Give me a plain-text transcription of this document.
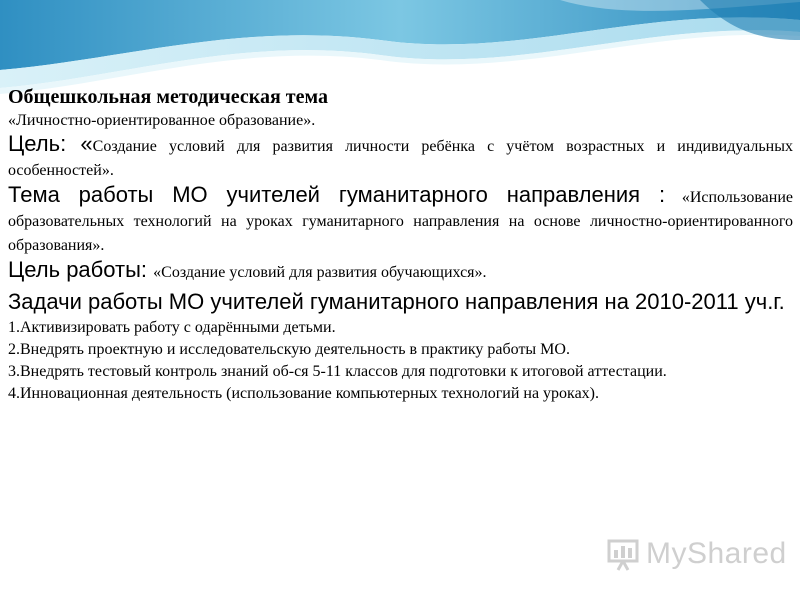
Общешкольная методическая тема

«Личностно-ориентированное образование».

Цель: «Создание условий для развития личности ребёнка с учётом возрастных и индивидуальных особенностей».

Тема работы МО учителей гуманитарного направления : «Использование образовательных технологий на уроках гуманитарного направления на основе личностно-ориентированного образования».

Цель работы: «Создание условий для развития обучающихся».

Задачи работы МО учителей гуманитарного направления на 2010-2011 уч.г.

1.Активизировать работу с одарёнными детьми.
2.Внедрять проектную и исследовательскую деятельность в практику работы МО.
3.Внедрять тестовый контроль знаний об-ся 5-11 классов для подготовки к итоговой аттестации.
4.Инновационная деятельность (использование компьютерных технологий на уроках).
MyShared
